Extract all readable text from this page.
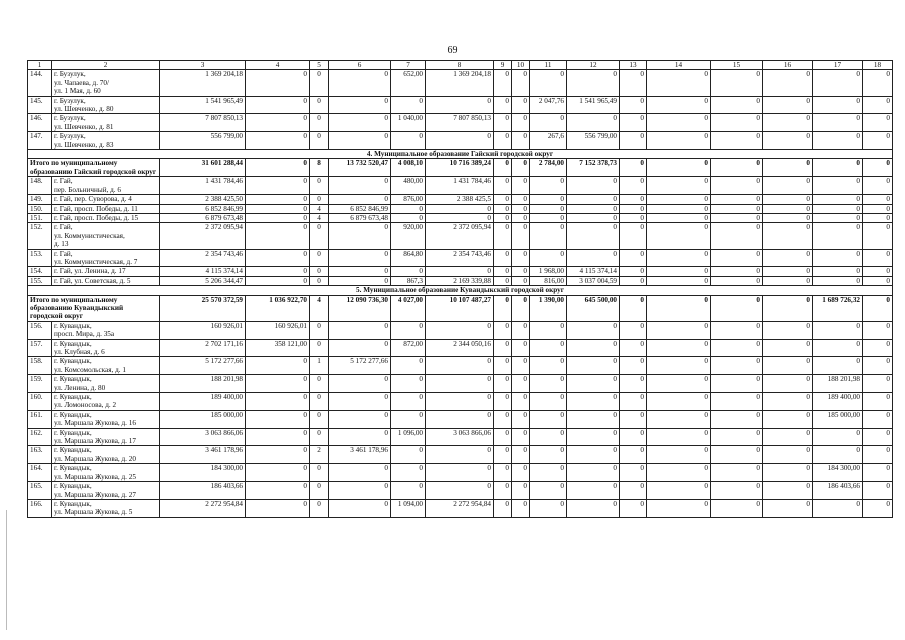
69
1	2	3	4	5	6	7	8	9	10	11	12	13	14	15	16	17	18
144.	г. Бузулук,
ул. Чапаева, д. 70/
ул. 1 Мая, д. 60	1 369 204,18	0	0	0	652,00	1 369 204,18	0	0	0	0	0	0	0	0	0	0
145.	г. Бузулук,
ул. Шевченко, д. 80	1 541 965,49	0	0	0	0	0	0	0	2 047,76	1 541 965,49	0	0	0	0	0	0
146.	г. Бузулук,
ул. Шевченко, д. 81	7 807 850,13	0	0	0	1 040,00	7 807 850,13	0	0	0	0	0	0	0	0	0	0
147.	г. Бузулук,
ул. Шевченко, д. 83	556 799,00	0	0	0	0	0	0	0	267,6	556 799,00	0	0	0	0	0	0
4. Муниципальное образование Гайский городской округ																	
Итого по муниципальному образованию Гайский городской округ		31 601 288,44	0	8	13 732 520,47	4 008,10	10 716 389,24	0	0	2 784,00	7 152 378,73	0	0	0	0	0	0
148.	г. Гай,
пер. Больничный, д. 6	1 431 784,46	0	0	0	480,00	1 431 784,46	0	0	0	0	0	0	0	0	0	0
149.	г. Гай, пер. Суворова, д. 4	2 388 425,50	0	0	0	876,00	2 388 425,5	0	0	0	0	0	0	0	0	0	0
150.	г. Гай, просп. Победы, д. 11	6 852 846,99	0	4	6 852 846,99	0	0	0	0	0	0	0	0	0	0	0	0
151.	г. Гай, просп. Победы, д. 15	6 879 673,48	0	4	6 879 673,48	0	0	0	0	0	0	0	0	0	0	0	0
152.	г. Гай,
ул. Коммунистическая,
д. 13	2 372 095,94	0	0	0	920,00	2 372 095,94	0	0	0	0	0	0	0	0	0	0
153.	г. Гай,
ул. Коммунистическая, д. 7	2 354 743,46	0	0	0	864,80	2 354 743,46	0	0	0	0	0	0	0	0	0	0
154.	г. Гай, ул. Ленина, д. 17	4 115 374,14	0	0	0	0	0	0	0	1 968,00	4 115 374,14	0	0	0	0	0	0
155.	г. Гай, ул. Советская, д. 5	5 206 344,47	0	0	0	867,3	2 169 339,88	0	0	816,00	3 037 004,59	0	0	0	0	0	0
5. Муниципальное образование Кувандыкский городской округ																	
Итого по муниципальному образованию Кувандыкский городской округ		25 570 372,59	1 036 922,70	4	12 090 736,30	4 027,00	10 107 487,27	0	0	1 390,00	645 500,00	0	0	0	0	1 689 726,32	0
156.	г. Кувандык,
просп. Мира, д. 35а	160 926,01	160 926,01	0	0	0	0	0	0	0	0	0	0	0	0	0	0
157.	г. Кувандык,
ул. Клубная, д. 6	2 702 171,16	358 121,00	0	0	872,00	2 344 050,16	0	0	0	0	0	0	0	0	0	0
158.	г. Кувандык,
ул. Комсомольская, д. 1	5 172 277,66	0	1	5 172 277,66	0	0	0	0	0	0	0	0	0	0	0	0
159.	г. Кувандык,
ул. Ленина, д. 80	188 201,98	0	0	0	0	0	0	0	0	0	0	0	0	0	188 201,98	0
160.	г. Кувандык,
ул. Ломоносова, д. 2	189 400,00	0	0	0	0	0	0	0	0	0	0	0	0	0	189 400,00	0
161.	г. Кувандык,
ул. Маршала Жукова, д. 16	185 000,00	0	0	0	0	0	0	0	0	0	0	0	0	0	185 000,00	0
162.	г. Кувандык,
ул. Маршала Жукова, д. 17	3 063 866,06	0	0	0	1 096,00	3 063 866,06	0	0	0	0	0	0	0	0	0	0
163.	г. Кувандык,
ул. Маршала Жукова, д. 20	3 461 178,96	0	2	3 461 178,96	0	0	0	0	0	0	0	0	0	0	0	0
164.	г. Кувандык,
ул. Маршала Жукова, д. 25	184 300,00	0	0	0	0	0	0	0	0	0	0	0	0	0	184 300,00	0
165.	г. Кувандык,
ул. Маршала Жукова, д. 27	186 403,66	0	0	0	0	0	0	0	0	0	0	0	0	0	186 403,66	0
166.	г. Кувандык,
ул. Маршала Жукова, д. 5	2 272 954,84	0	0	0	1 094,00	2 272 954,84	0	0	0	0	0	0	0	0	0	0
